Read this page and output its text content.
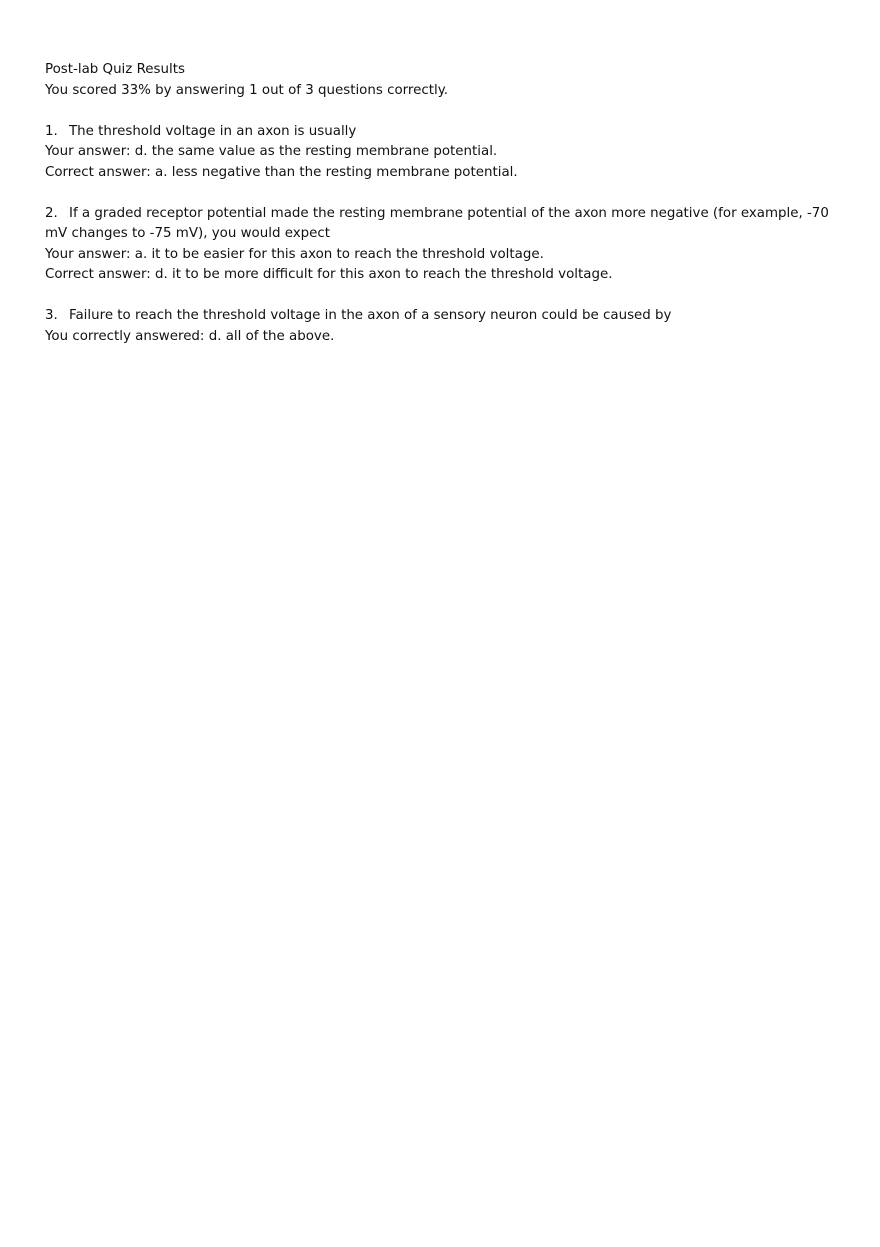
Post-lab Quiz Results
You scored 33% by answering 1 out of 3 questions correctly.
1. The threshold voltage in an axon is usually
Your answer: d. the same value as the resting membrane potential.
Correct answer: a. less negative than the resting membrane potential.
2. If a graded receptor potential made the resting membrane potential of the axon more negative (for example, -70 mV changes to -75 mV), you would expect
Your answer: a. it to be easier for this axon to reach the threshold voltage.
Correct answer: d. it to be more difficult for this axon to reach the threshold voltage.
3. Failure to reach the threshold voltage in the axon of a sensory neuron could be caused by
You correctly answered: d. all of the above.
